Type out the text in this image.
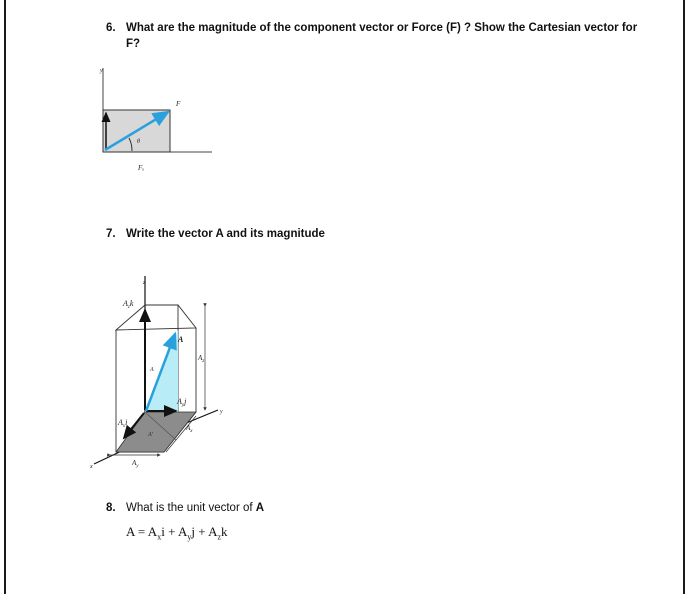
6. What are the magnitude of the component vector or Force (F) ? Show the Cartesian vector for
F?
7. Write the vector A and its magnitude
8. What is the unit vector of A
$A = A_xi + A_yj + A_zk$
y
F
θ
Fₓ
z
$A_zk$
A
A
$A_z$
$A_yj$
$A_xi$
A'
$A_x$
$A_y$
y
x
